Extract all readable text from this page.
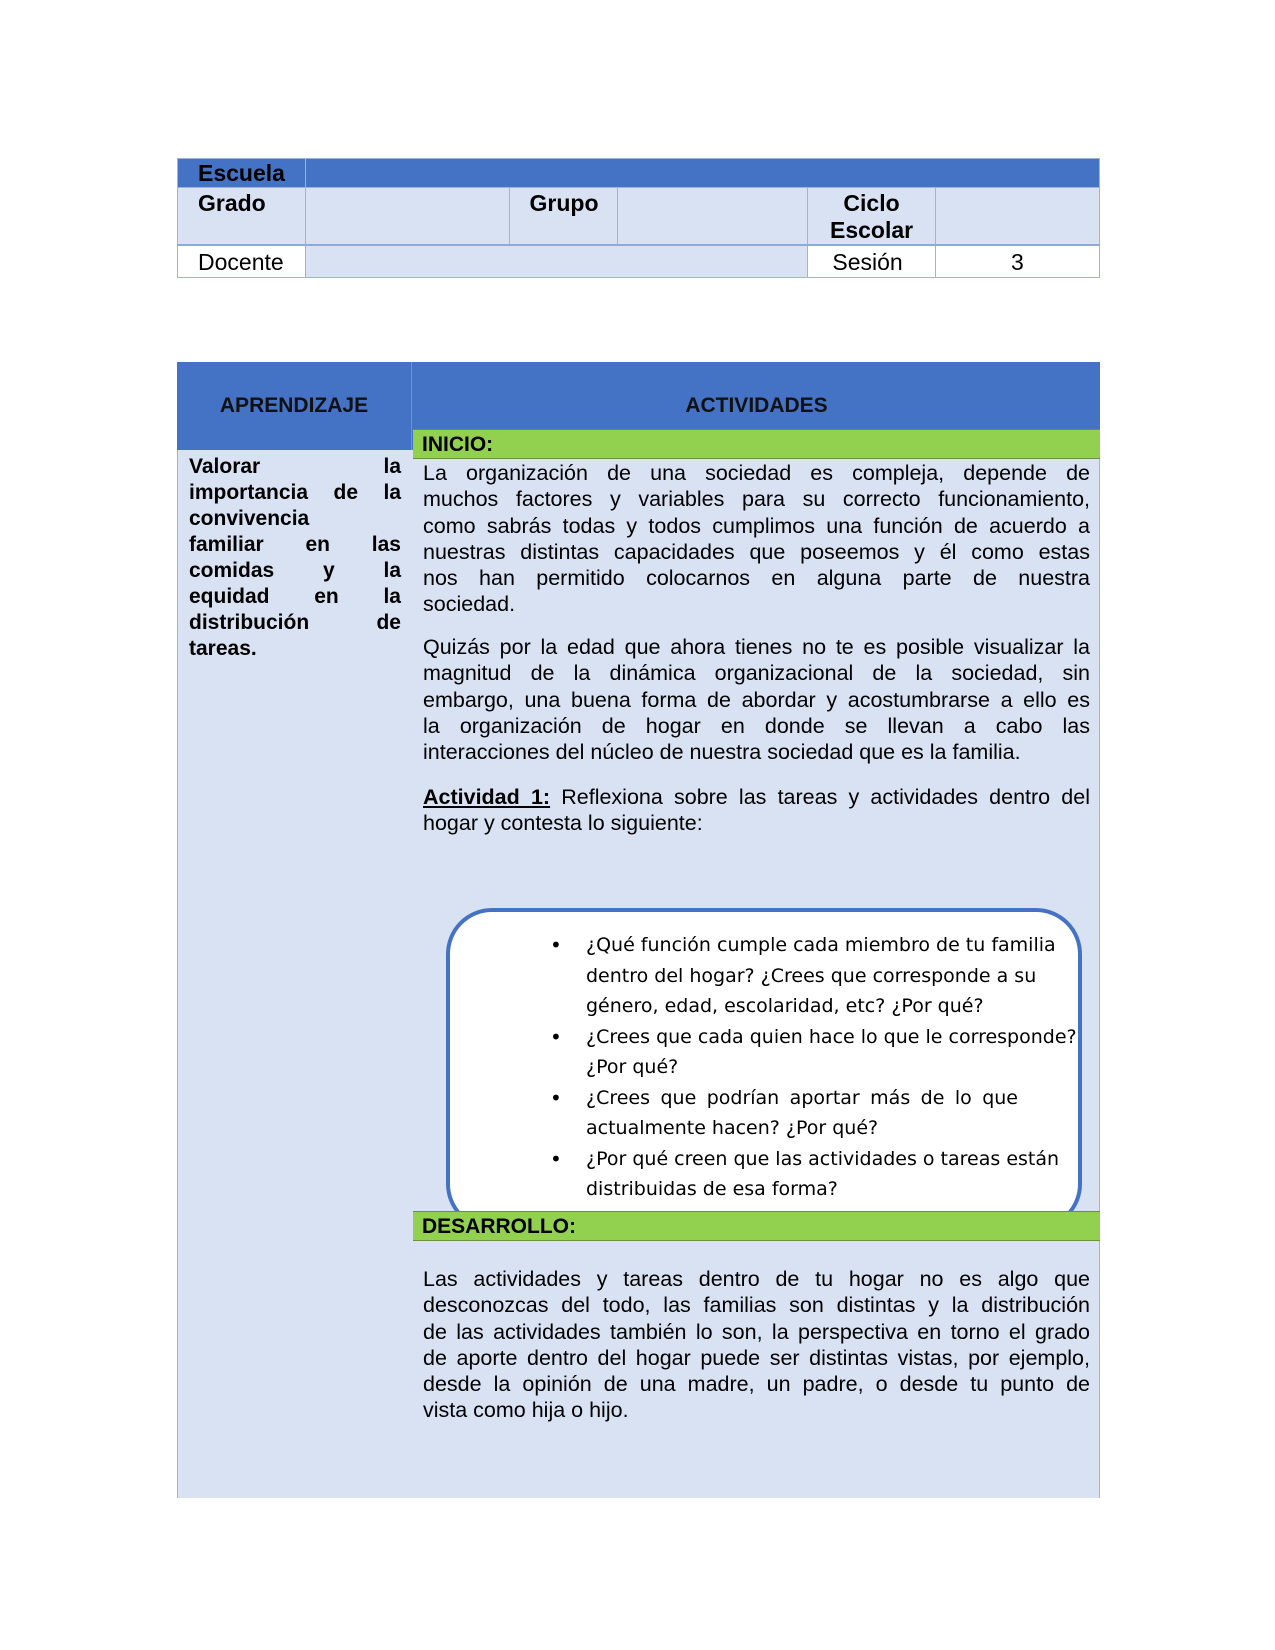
Escuela					

Grado		Grupo		Ciclo
Escolar	

Docente				Sesión	3
APRENDIZAJE	ACTIVIDADES
Valorar la
importancia de la
convivencia
familiar en las
comidas y la
equidad en la
distribución de
tareas.
INICIO:
La organización de una sociedad es compleja, depende de
muchos factores y variables para su correcto funcionamiento,
como sabrás todas y todos cumplimos una función de acuerdo a
nuestras distintas capacidades que poseemos y él como estas
nos han permitido colocarnos en alguna parte de nuestra
sociedad.
Quizás por la edad que ahora tienes no te es posible visualizar la
magnitud de la dinámica organizacional de la sociedad, sin
embargo, una buena forma de abordar y acostumbrarse a ello es
la organización de hogar en donde se llevan a cabo las
interacciones del núcleo de nuestra sociedad que es la familia.
Actividad 1: Reflexiona sobre las tareas y actividades dentro del
hogar y contesta lo siguiente:
• ¿Qué función cumple cada miembro de tu familia
dentro del hogar? ¿Crees que corresponde a su
género, edad, escolaridad, etc? ¿Por qué?
• ¿Crees que cada quien hace lo que le corresponde?
¿Por qué?
• ¿Crees que podrían aportar más de lo que
actualmente hacen? ¿Por qué?
• ¿Por qué creen que las actividades o tareas están
distribuidas de esa forma?
DESARROLLO:
Las actividades y tareas dentro de tu hogar no es algo que
desconozcas del todo, las familias son distintas y la distribución
de las actividades también lo son, la perspectiva en torno el grado
de aporte dentro del hogar puede ser distintas vistas, por ejemplo,
desde la opinión de una madre, un padre, o desde tu punto de
vista como hija o hijo.
